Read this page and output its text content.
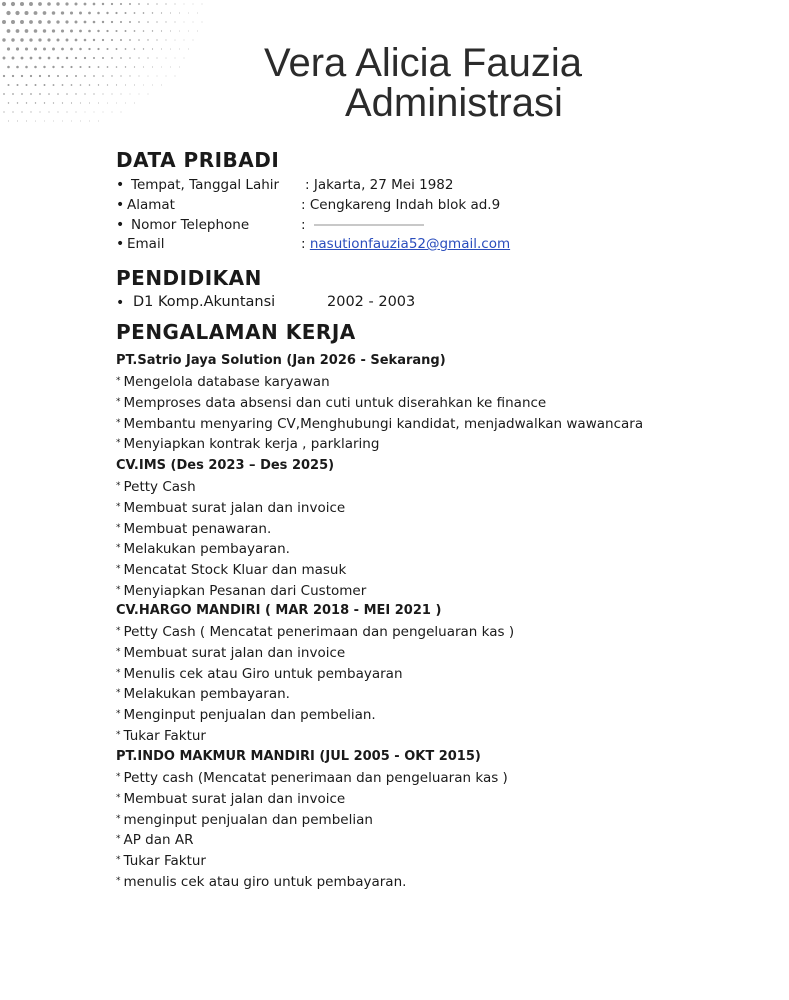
Vera Alicia Fauzia
Administrasi
DATA PRIBADI
• Tempat, Tanggal Lahir : Jakarta, 27 Mei 1982
• Alamat	: Cengkareng Indah blok ad.9
• Nomor Telephone	:
• Email	: nasutionfauzia52@gmail.com
PENDIDIKAN
• D1 Komp.Akuntansi	2002 - 2003
PENGALAMAN KERJA
PT.Satrio Jaya Solution (Jan 2026 - Sekarang)
* Mengelola database karyawan
* Memproses data absensi dan cuti untuk diserahkan ke finance
* Membantu menyaring CV,Menghubungi kandidat, menjadwalkan wawancara
* Menyiapkan kontrak kerja , parklaring
CV.IMS (Des 2023 – Des 2025)
* Petty Cash
* Membuat surat jalan dan invoice
* Membuat penawaran.
* Melakukan pembayaran.
* Mencatat Stock Kluar dan masuk
* Menyiapkan Pesanan dari Customer
CV.HARGO MANDIRI ( MAR 2018 - MEI 2021 )
* Petty Cash ( Mencatat penerimaan dan pengeluaran kas )
* Membuat surat jalan dan invoice
* Menulis cek atau Giro untuk pembayaran
* Melakukan pembayaran.
* Menginput penjualan dan pembelian.
* Tukar Faktur
PT.INDO MAKMUR MANDIRI (JUL 2005 - OKT 2015)
* Petty cash (Mencatat penerimaan dan pengeluaran kas )
* Membuat surat jalan dan invoice
* menginput penjualan dan pembelian
* AP dan AR
* Tukar Faktur
* menulis cek atau giro untuk pembayaran.
